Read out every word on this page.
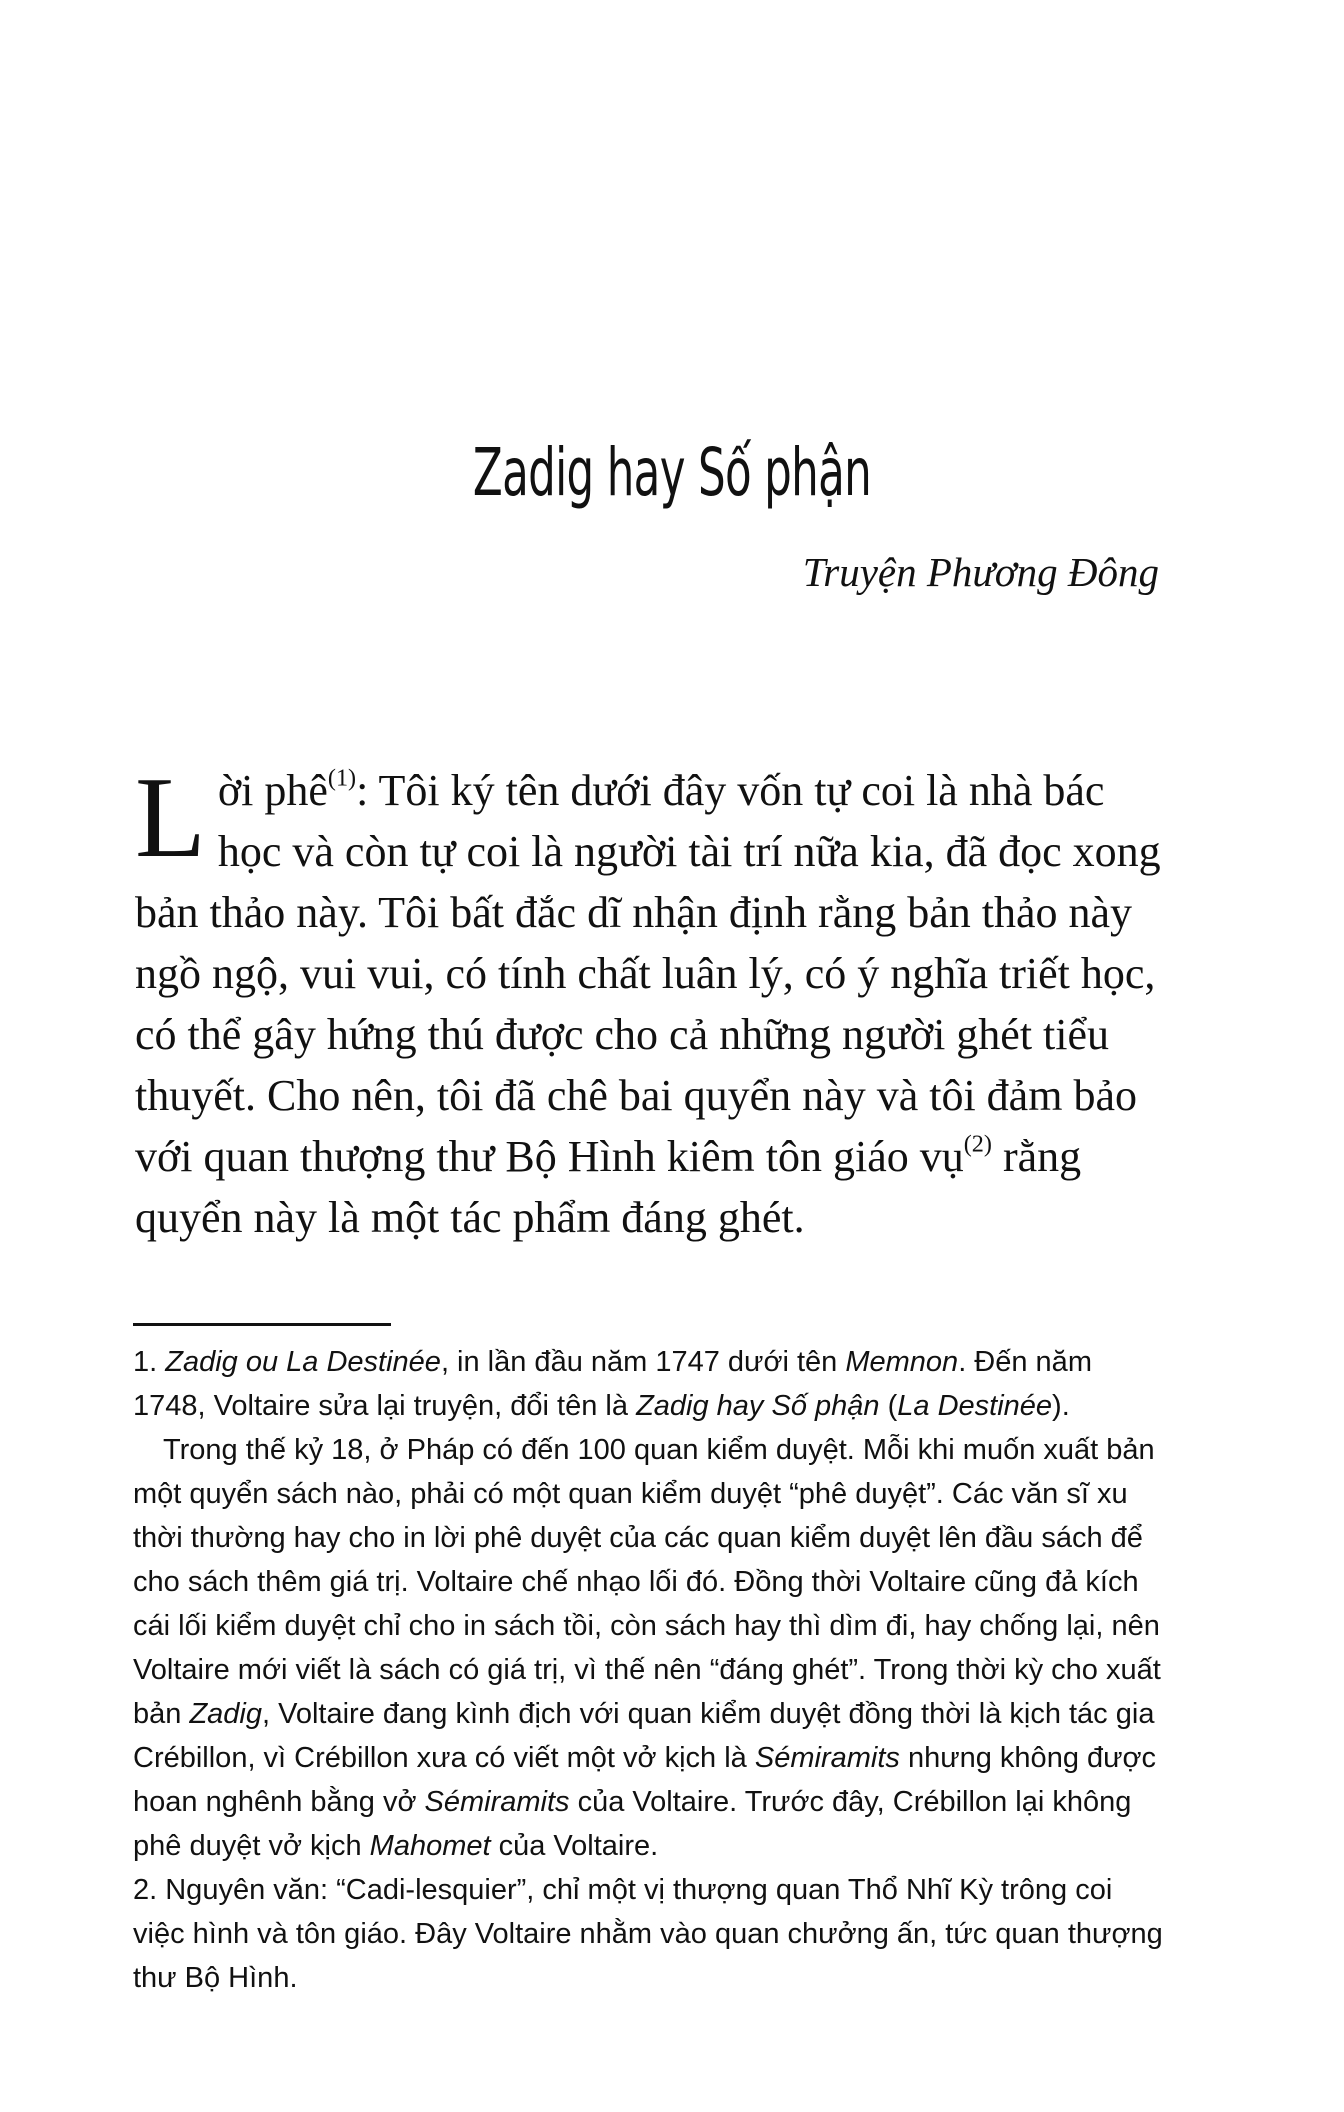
Zadig hay Số phận

Truyện Phương Đông

Lời phê$^{(1)}$: Tôi ký tên dưới đây vốn tự coi là nhà bác học và còn tự coi là người tài trí nữa kia, đã đọc xong bản thảo này. Tôi bất đắc dĩ nhận định rằng bản thảo này ngồ ngộ, vui vui, có tính chất luân lý, có ý nghĩa triết học, có thể gây hứng thú được cho cả những người ghét tiểu thuyết. Cho nên, tôi đã chê bai quyển này và tôi đảm bảo với quan thượng thư Bộ Hình kiêm tôn giáo vụ$^{(2)}$ rằng quyển này là một tác phẩm đáng ghét.

1. Zadig ou La Destinée, in lần đầu năm 1747 dưới tên Memnon. Đến năm 1748, Voltaire sửa lại truyện, đổi tên là Zadig hay Số phận (La Destinée).

Trong thế kỷ 18, ở Pháp có đến 100 quan kiểm duyệt. Mỗi khi muốn xuất bản một quyển sách nào, phải có một quan kiểm duyệt “phê duyệt”. Các văn sĩ xu thời thường hay cho in lời phê duyệt của các quan kiểm duyệt lên đầu sách để cho sách thêm giá trị. Voltaire chế nhạo lối đó. Đồng thời Voltaire cũng đả kích cái lối kiểm duyệt chỉ cho in sách tồi, còn sách hay thì dìm đi, hay chống lại, nên Voltaire mới viết là sách có giá trị, vì thế nên “đáng ghét”. Trong thời kỳ cho xuất bản Zadig, Voltaire đang kình địch với quan kiểm duyệt đồng thời là kịch tác gia Crébillon, vì Crébillon xưa có viết một vở kịch là Sémiramits nhưng không được hoan nghênh bằng vở Sémiramits của Voltaire. Trước đây, Crébillon lại không phê duyệt vở kịch Mahomet của Voltaire.

2. Nguyên văn: “Cadi-lesquier”, chỉ một vị thượng quan Thổ Nhĩ Kỳ trông coi việc hình và tôn giáo. Đây Voltaire nhằm vào quan chưởng ấn, tức quan thượng thư Bộ Hình.
